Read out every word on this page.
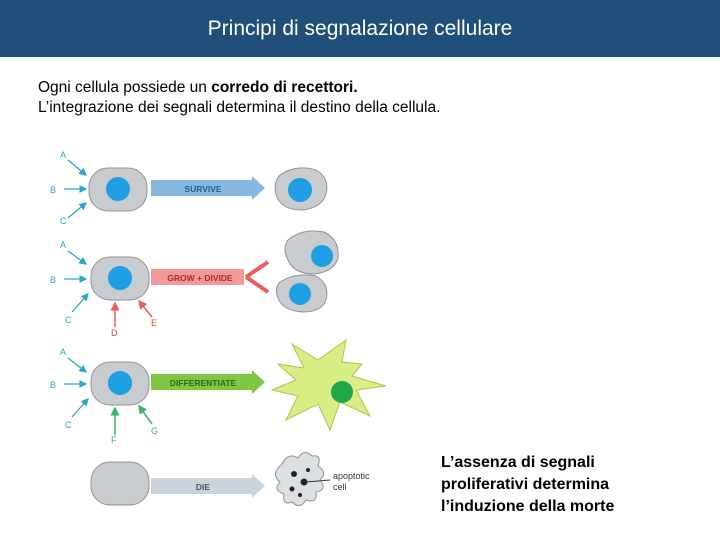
Principi di segnalazione cellulare

Ogni cellula possiede un corredo di recettori.

L’integrazione dei segnali determina il destino della cellula.

A
B
C
SURVIVE
A
B
C
D
E
GROW + DIVIDE
A
B
C
F
G
DIFFERENTIATE
DIE
apoptotic
cell

L’assenza di segnali

proliferativi determina

l’induzione della morte
